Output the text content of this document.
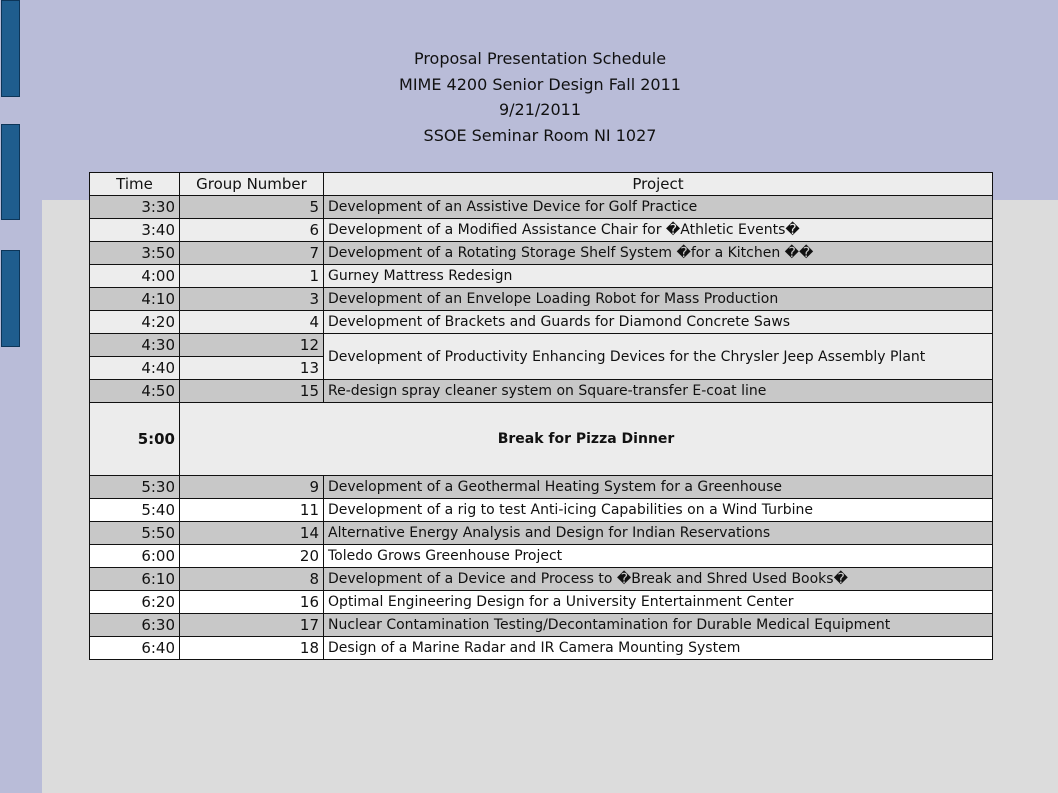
Proposal Presentation Schedule
MIME 4200 Senior Design Fall 2011
9/21/2011
SSOE Seminar Room NI 1027
Time	Group Number	Project
3:30	5	Development of an Assistive Device for Golf Practice
3:40	6	Development of a Modified Assistance Chair for �Athletic Events�
3:50	7	Development of a Rotating Storage Shelf System �for a Kitchen ��
4:00	1	Gurney Mattress Redesign
4:10	3	Development of an Envelope Loading Robot for Mass Production
4:20	4	Development of Brackets and Guards for Diamond Concrete Saws
4:30	12	Development of Productivity Enhancing Devices for the Chrysler Jeep Assembly Plant
4:40	13	
4:50	15	Re-design spray cleaner system on Square-transfer E-coat line
5:00	Break for Pizza Dinner	
5:30	9	Development of a Geothermal Heating System for a Greenhouse
5:40	11	Development of a rig to test Anti-icing Capabilities on a Wind Turbine
5:50	14	Alternative Energy Analysis and Design for Indian Reservations
6:00	20	Toledo Grows Greenhouse Project
6:10	8	Development of a Device and Process to �Break and Shred Used Books�
6:20	16	Optimal Engineering Design for a University Entertainment Center
6:30	17	Nuclear Contamination Testing/Decontamination for Durable Medical Equipment
6:40	18	Design of a Marine Radar and IR Camera Mounting System
